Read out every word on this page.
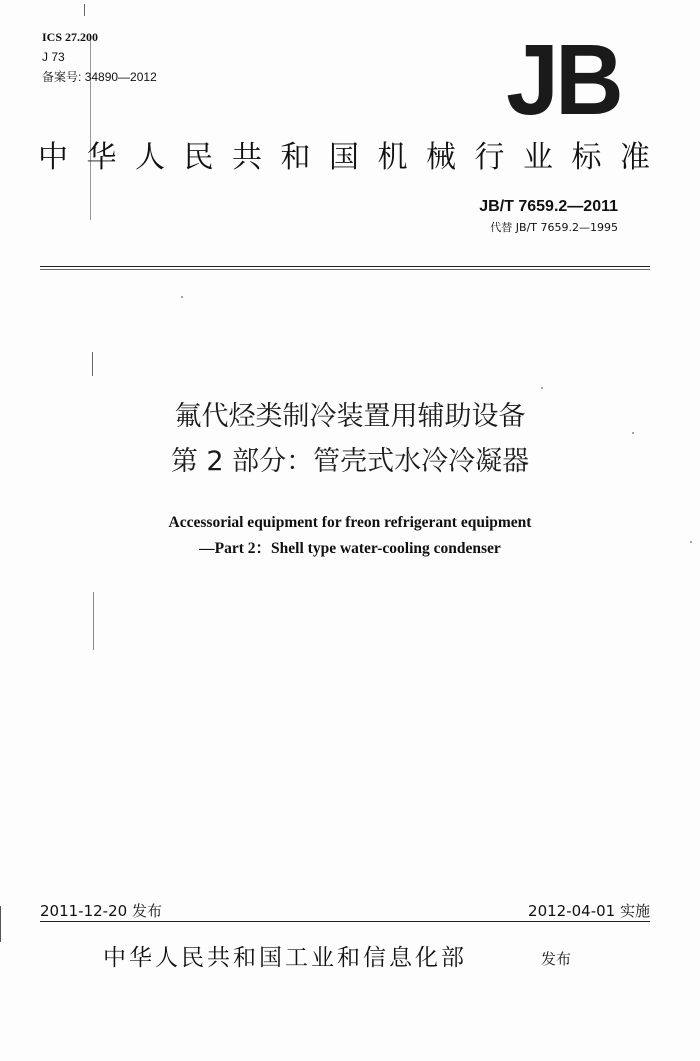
ICS 27.200
J 73
备案号: 34890—2012	JB
中 华 人 民 共 和 国 机 械 行 业 标 准
JB/T 7659.2—2011
代替 JB/T 7659.2—1995
氟代烃类制冷装置用辅助设备
第 2 部分：管壳式水冷冷凝器
Accessorial equipment for freon refrigerant equipment
—Part 2：Shell type water-cooling condenser
2011-12-20 发布	2012-04-01 实施
中华人民共和国工业和信息化部	发布
